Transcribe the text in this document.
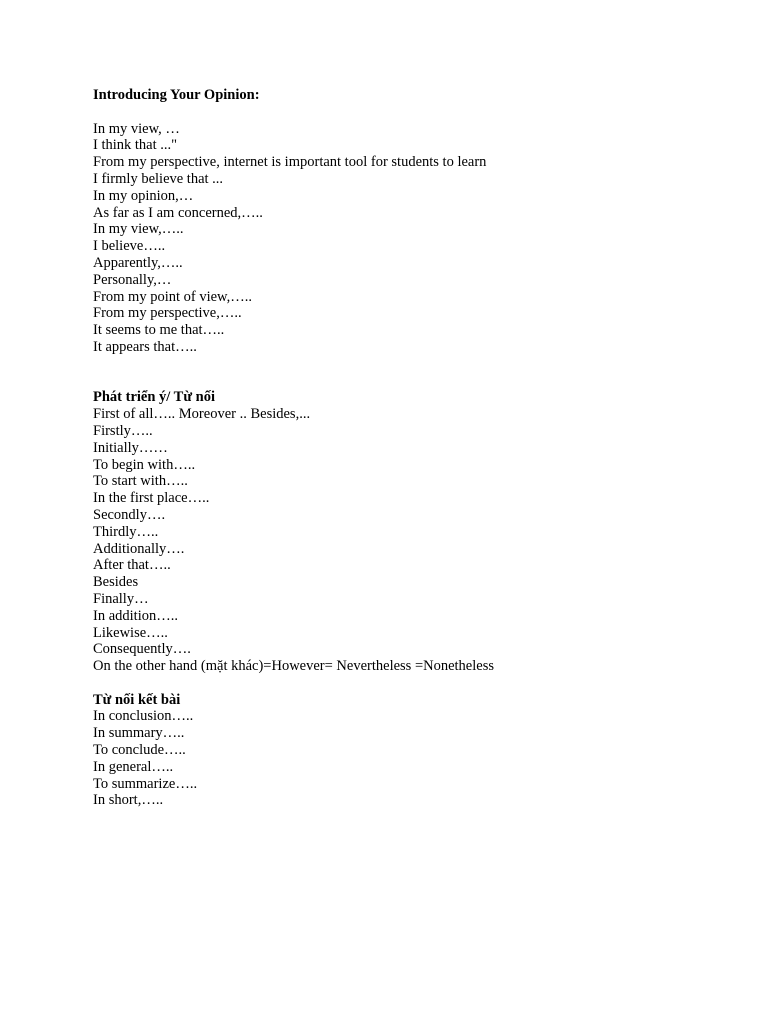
Introducing Your Opinion:
In my view, …
I think that ..."
From my perspective, internet is important tool for students to learn
I firmly believe that ...
In my opinion,…
As far as I am concerned,…..
In my view,…..
I believe…..
Apparently,…..
Personally,…
From my point of view,…..
From my perspective,…..
It seems to me that…..
It appears that…..
Phát triển ý/ Từ nối
First of all….. Moreover .. Besides,...
Firstly…..
Initially……
To begin with…..
To start with…..
In the first place…..
Secondly….
Thirdly…..
Additionally….
After that…..
Besides
Finally…
In addition…..
Likewise…..
Consequently….
On the other hand (mặt khác)=However= Nevertheless =Nonetheless
Từ nối kết bài
In conclusion…..
In summary…..
To conclude…..
In general…..
To summarize…..
In short,…..
